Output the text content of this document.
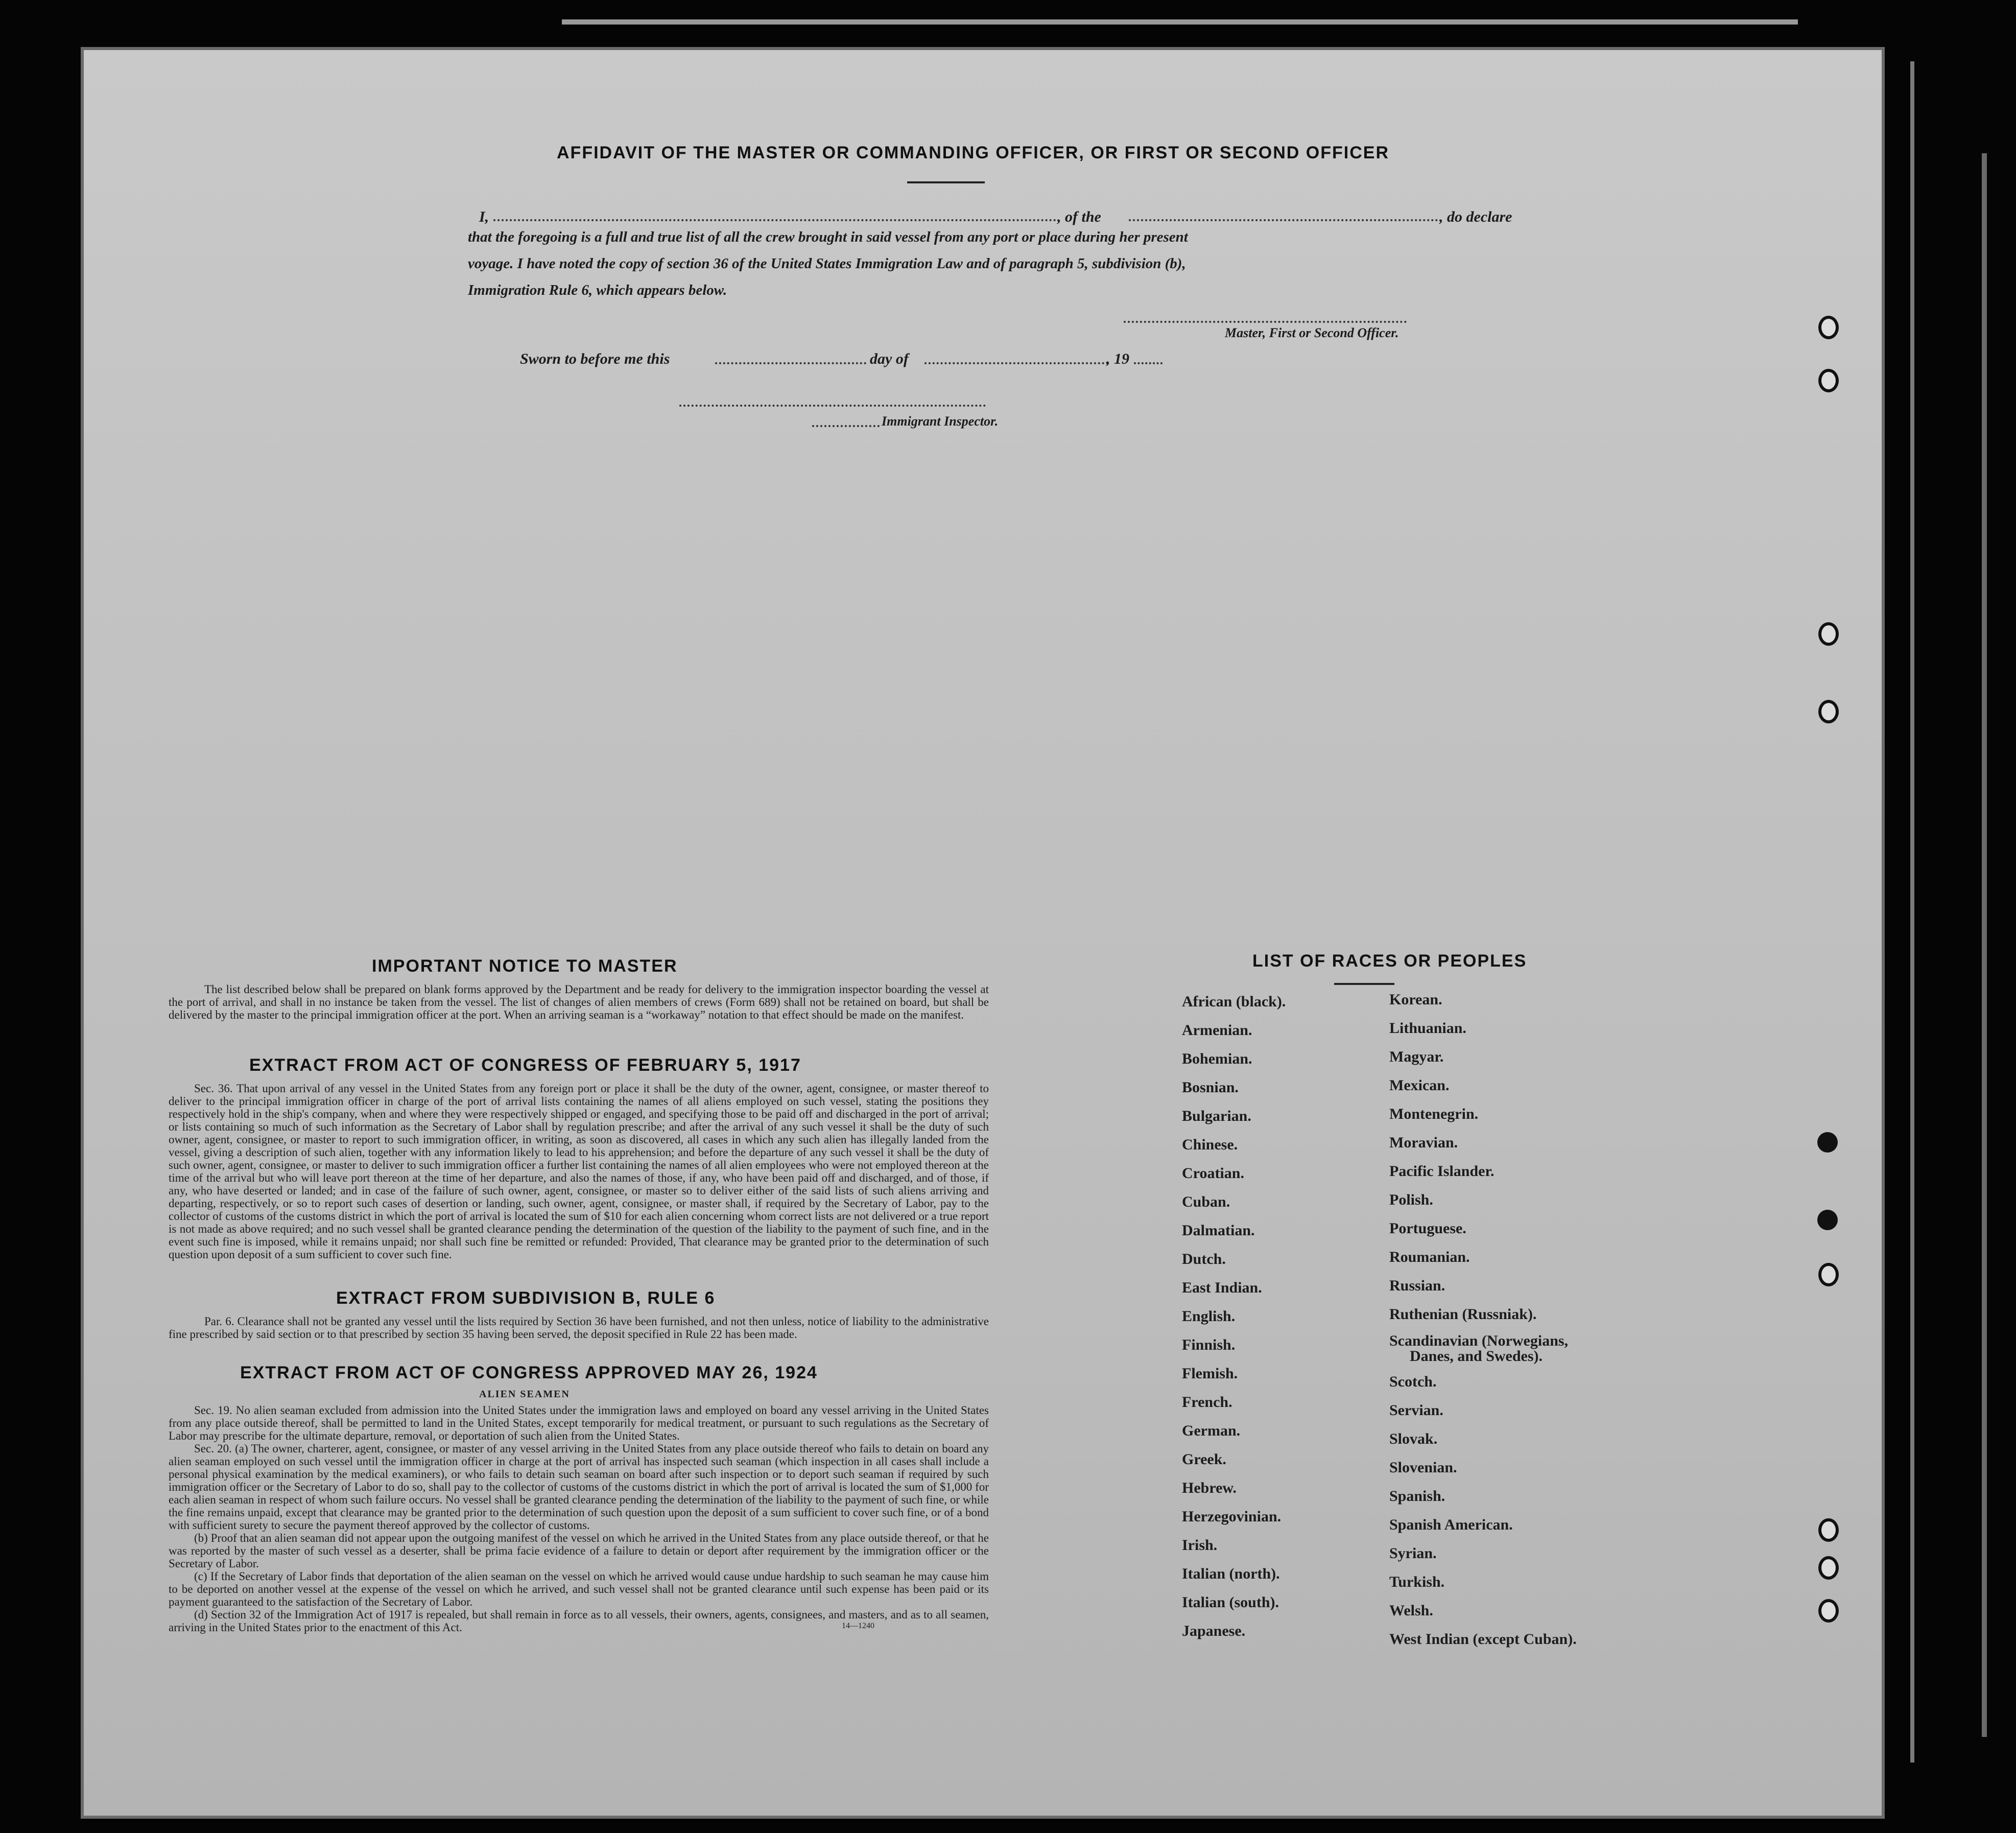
AFFIDAVIT OF THE MASTER OR COMMANDING OFFICER, OR FIRST OR SECOND OFFICER
I,	, of the	, do declare
that the foregoing is a full and true list of all the crew brought in said vessel from any port or place during her present
voyage. I have noted the copy of section 36 of the United States Immigration Law and of paragraph 5, subdivision (b),
Immigration Rule 6, which appears below.
Master, First or Second Officer.
Sworn to before me this	day of	, 19
Immigrant Inspector.
IMPORTANT NOTICE TO MASTER
The list described below shall be prepared on blank forms approved by the Department and be ready for delivery to the immigration inspector boarding the vessel at the port of arrival, and shall in no instance be taken from the vessel. The list of changes of alien members of crews (Form 689) shall not be retained on board, but shall be delivered by the master to the principal immigration officer at the port. When an arriving seaman is a “workaway” notation to that effect should be made on the manifest.
EXTRACT FROM ACT OF CONGRESS OF FEBRUARY 5, 1917
Sec. 36. That upon arrival of any vessel in the United States from any foreign port or place it shall be the duty of the owner, agent, consignee, or master thereof to deliver to the principal immigration officer in charge of the port of arrival lists containing the names of all aliens employed on such vessel, stating the positions they respectively hold in the ship's company, when and where they were respectively shipped or engaged, and specifying those to be paid off and discharged in the port of arrival; or lists containing so much of such information as the Secretary of Labor shall by regulation prescribe; and after the arrival of any such vessel it shall be the duty of such owner, agent, consignee, or master to report to such immigration officer, in writing, as soon as discovered, all cases in which any such alien has illegally landed from the vessel, giving a description of such alien, together with any information likely to lead to his apprehension; and before the departure of any such vessel it shall be the duty of such owner, agent, consignee, or master to deliver to such immigration officer a further list containing the names of all alien employees who were not employed thereon at the time of the arrival but who will leave port thereon at the time of her departure, and also the names of those, if any, who have been paid off and discharged, and of those, if any, who have deserted or landed; and in case of the failure of such owner, agent, consignee, or master so to deliver either of the said lists of such aliens arriving and departing, respectively, or so to report such cases of desertion or landing, such owner, agent, consignee, or master shall, if required by the Secretary of Labor, pay to the collector of customs of the customs district in which the port of arrival is located the sum of $10 for each alien concerning whom correct lists are not delivered or a true report is not made as above required; and no such vessel shall be granted clearance pending the determination of the question of the liability to the payment of such fine, and in the event such fine is imposed, while it remains unpaid; nor shall such fine be remitted or refunded: Provided, That clearance may be granted prior to the determination of such question upon deposit of a sum sufficient to cover such fine.
EXTRACT FROM SUBDIVISION B, RULE 6
Par. 6. Clearance shall not be granted any vessel until the lists required by Section 36 have been furnished, and not then unless, notice of liability to the administrative fine prescribed by said section or to that prescribed by section 35 having been served, the deposit specified in Rule 22 has been made.
EXTRACT FROM ACT OF CONGRESS APPROVED MAY 26, 1924
ALIEN SEAMEN

Sec. 19. No alien seaman excluded from admission into the United States under the immigration laws and employed on board any vessel arriving in the United States from any place outside thereof, shall be permitted to land in the United States, except temporarily for medical treatment, or pursuant to such regulations as the Secretary of Labor may prescribe for the ultimate departure, removal, or deportation of such alien from the United States.

Sec. 20. (a) The owner, charterer, agent, consignee, or master of any vessel arriving in the United States from any place outside thereof who fails to detain on board any alien seaman employed on such vessel until the immigration officer in charge at the port of arrival has inspected such seaman (which inspection in all cases shall include a personal physical examination by the medical examiners), or who fails to detain such seaman on board after such inspection or to deport such seaman if required by such immigration officer or the Secretary of Labor to do so, shall pay to the collector of customs of the customs district in which the port of arrival is located the sum of $1,000 for each alien seaman in respect of whom such failure occurs. No vessel shall be granted clearance pending the determination of the liability to the payment of such fine, or while the fine remains unpaid, except that clearance may be granted prior to the determination of such question upon the deposit of a sum sufficient to cover such fine, or of a bond with sufficient surety to secure the payment thereof approved by the collector of customs.

(b) Proof that an alien seaman did not appear upon the outgoing manifest of the vessel on which he arrived in the United States from any place outside thereof, or that he was reported by the master of such vessel as a deserter, shall be prima facie evidence of a failure to detain or deport after requirement by the immigration officer or the Secretary of Labor.

(c) If the Secretary of Labor finds that deportation of the alien seaman on the vessel on which he arrived would cause undue hardship to such seaman he may cause him to be deported on another vessel at the expense of the vessel on which he arrived, and such vessel shall not be granted clearance until such expense has been paid or its payment guaranteed to the satisfaction of the Secretary of Labor.

(d) Section 32 of the Immigration Act of 1917 is repealed, but shall remain in force as to all vessels, their owners, agents, consignees, and masters, and as to all seamen, arriving in the United States prior to the enactment of this Act.	14—1240
LIST OF RACES OR PEOPLES
African (black).
Armenian.
Bohemian.
Bosnian.
Bulgarian.
Chinese.
Croatian.
Cuban.
Dalmatian.
Dutch.
East Indian.
English.
Finnish.
Flemish.
French.
German.
Greek.
Hebrew.
Herzegovinian.
Irish.
Italian (north).
Italian (south).
Japanese.
Korean.
Lithuanian.
Magyar.
Mexican.
Montenegrin.
Moravian.
Pacific Islander.
Polish.
Portuguese.
Roumanian.
Russian.
Ruthenian (Russniak).
Scandinavian (Norwegians,
Danes, and Swedes).
Scotch.
Servian.
Slovak.
Slovenian.
Spanish.
Spanish American.
Syrian.
Turkish.
Welsh.
West Indian (except Cuban).
